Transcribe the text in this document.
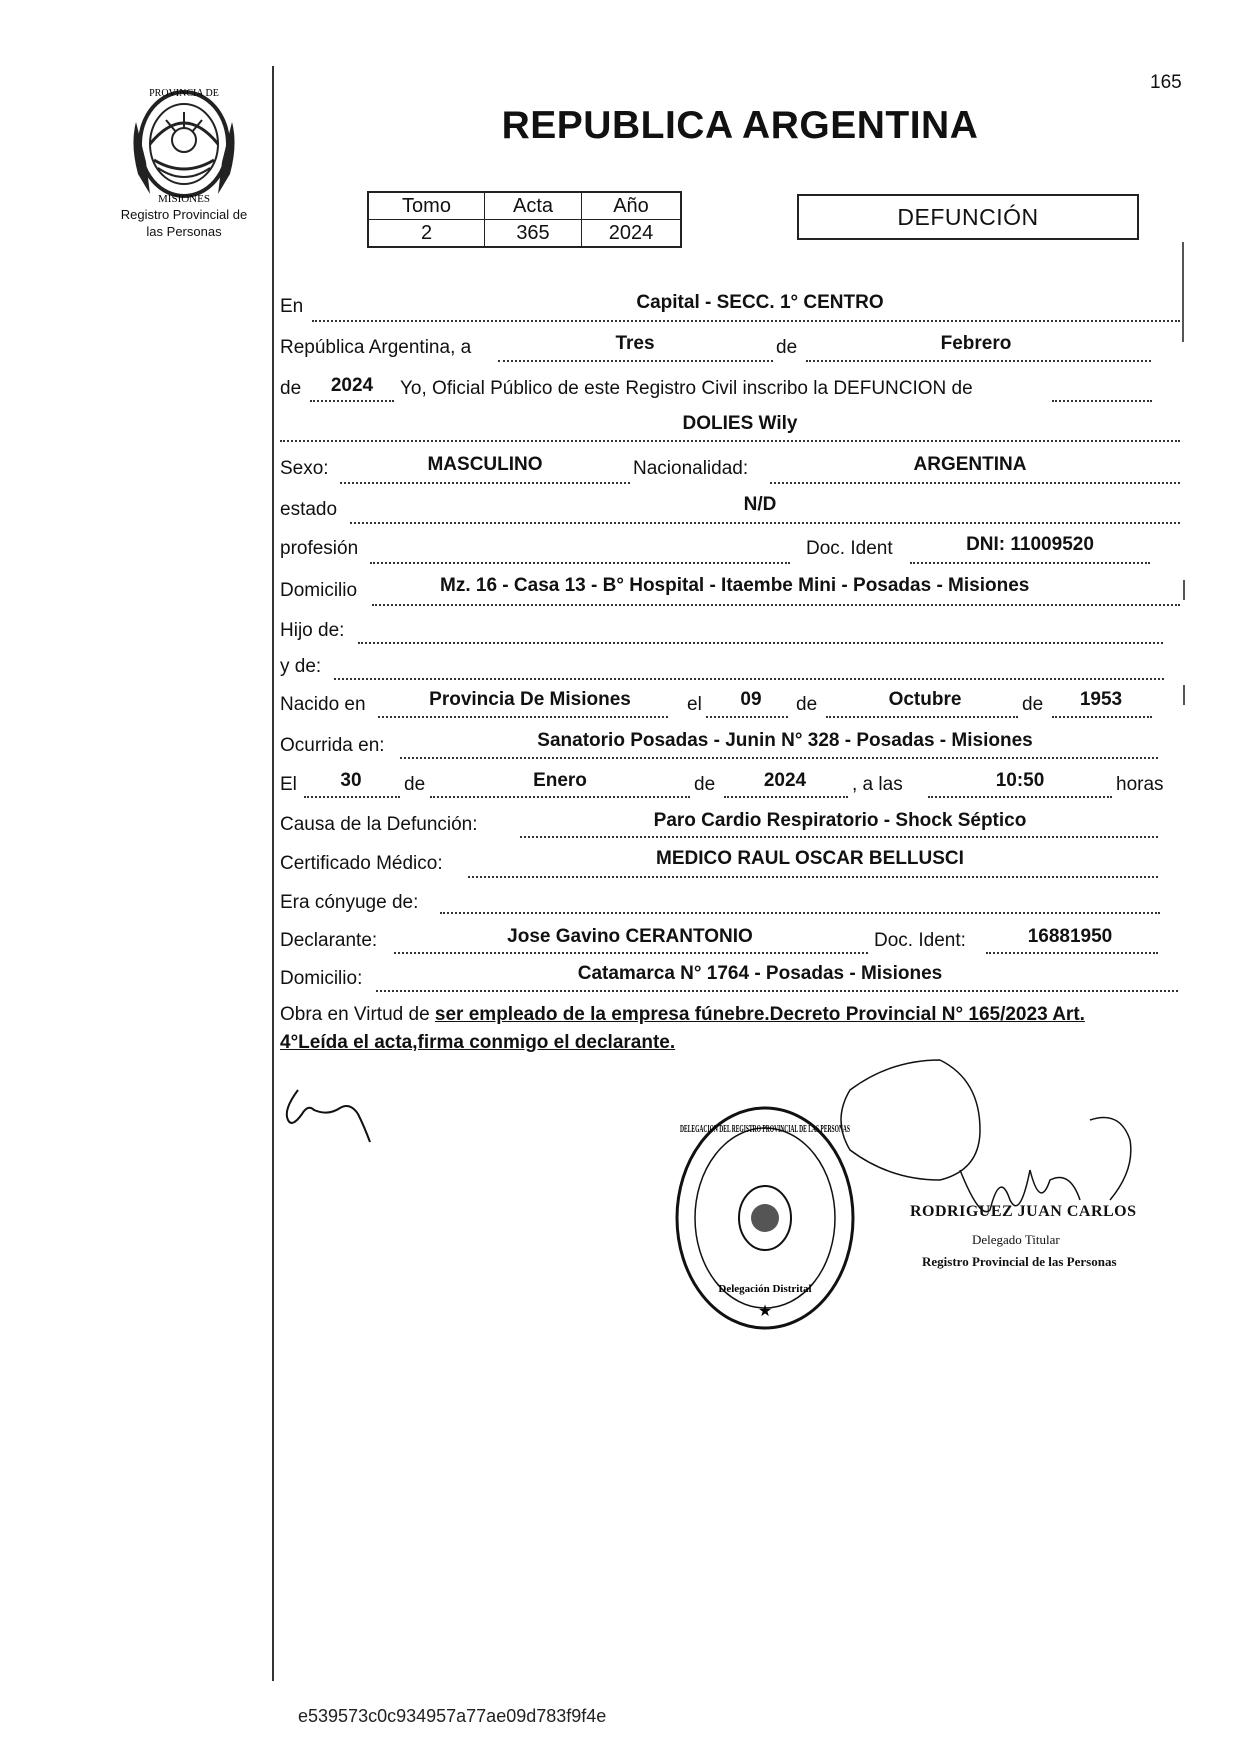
165
PROVINCIA DE
MISIONES
Registro Provincial de
las Personas
REPUBLICA ARGENTINA
Tomo	Acta	Año
2	365	2024
DEFUNCIÓN
En	Capital - SECC. 1° CENTRO
República Argentina, a	Tres	de	Febrero
de	2024	Yo, Oficial Público de este Registro Civil inscribo la DEFUNCION de
DOLIES Wily
Sexo:	MASCULINO	Nacionalidad:	ARGENTINA
estado	N/D
profesión	Doc. Ident	DNI: 11009520
Domicilio	Mz. 16 - Casa 13 - B° Hospital - Itaembe Mini - Posadas - Misiones
Hijo de:
y de:
Nacido en	Provincia De Misiones	el	09	de	Octubre	de	1953
Ocurrida en:	Sanatorio Posadas - Junin N° 328 - Posadas - Misiones
El	30	de	Enero	de	2024	, a las	10:50	horas
Causa de la Defunción:	Paro Cardio Respiratorio - Shock Séptico
Certificado Médico:	MEDICO RAUL OSCAR BELLUSCI
Era cónyuge de:
Declarante:	Jose Gavino CERANTONIO	Doc. Ident:	16881950
Domicilio:	Catamarca N° 1764 - Posadas - Misiones
Obra en Virtud de ser empleado de la empresa fúnebre.Decreto Provincial N° 165/2023 Art.
4°Leída el acta,firma conmigo el declarante.
DELEGACION DEL REGISTRO PROVINCIAL DE LAS PERSONAS
Delegación Distrital
★
RODRIGUEZ JUAN CARLOS
Delegado Titular
Registro Provincial de las Personas
e539573c0c934957a77ae09d783f9f4e
